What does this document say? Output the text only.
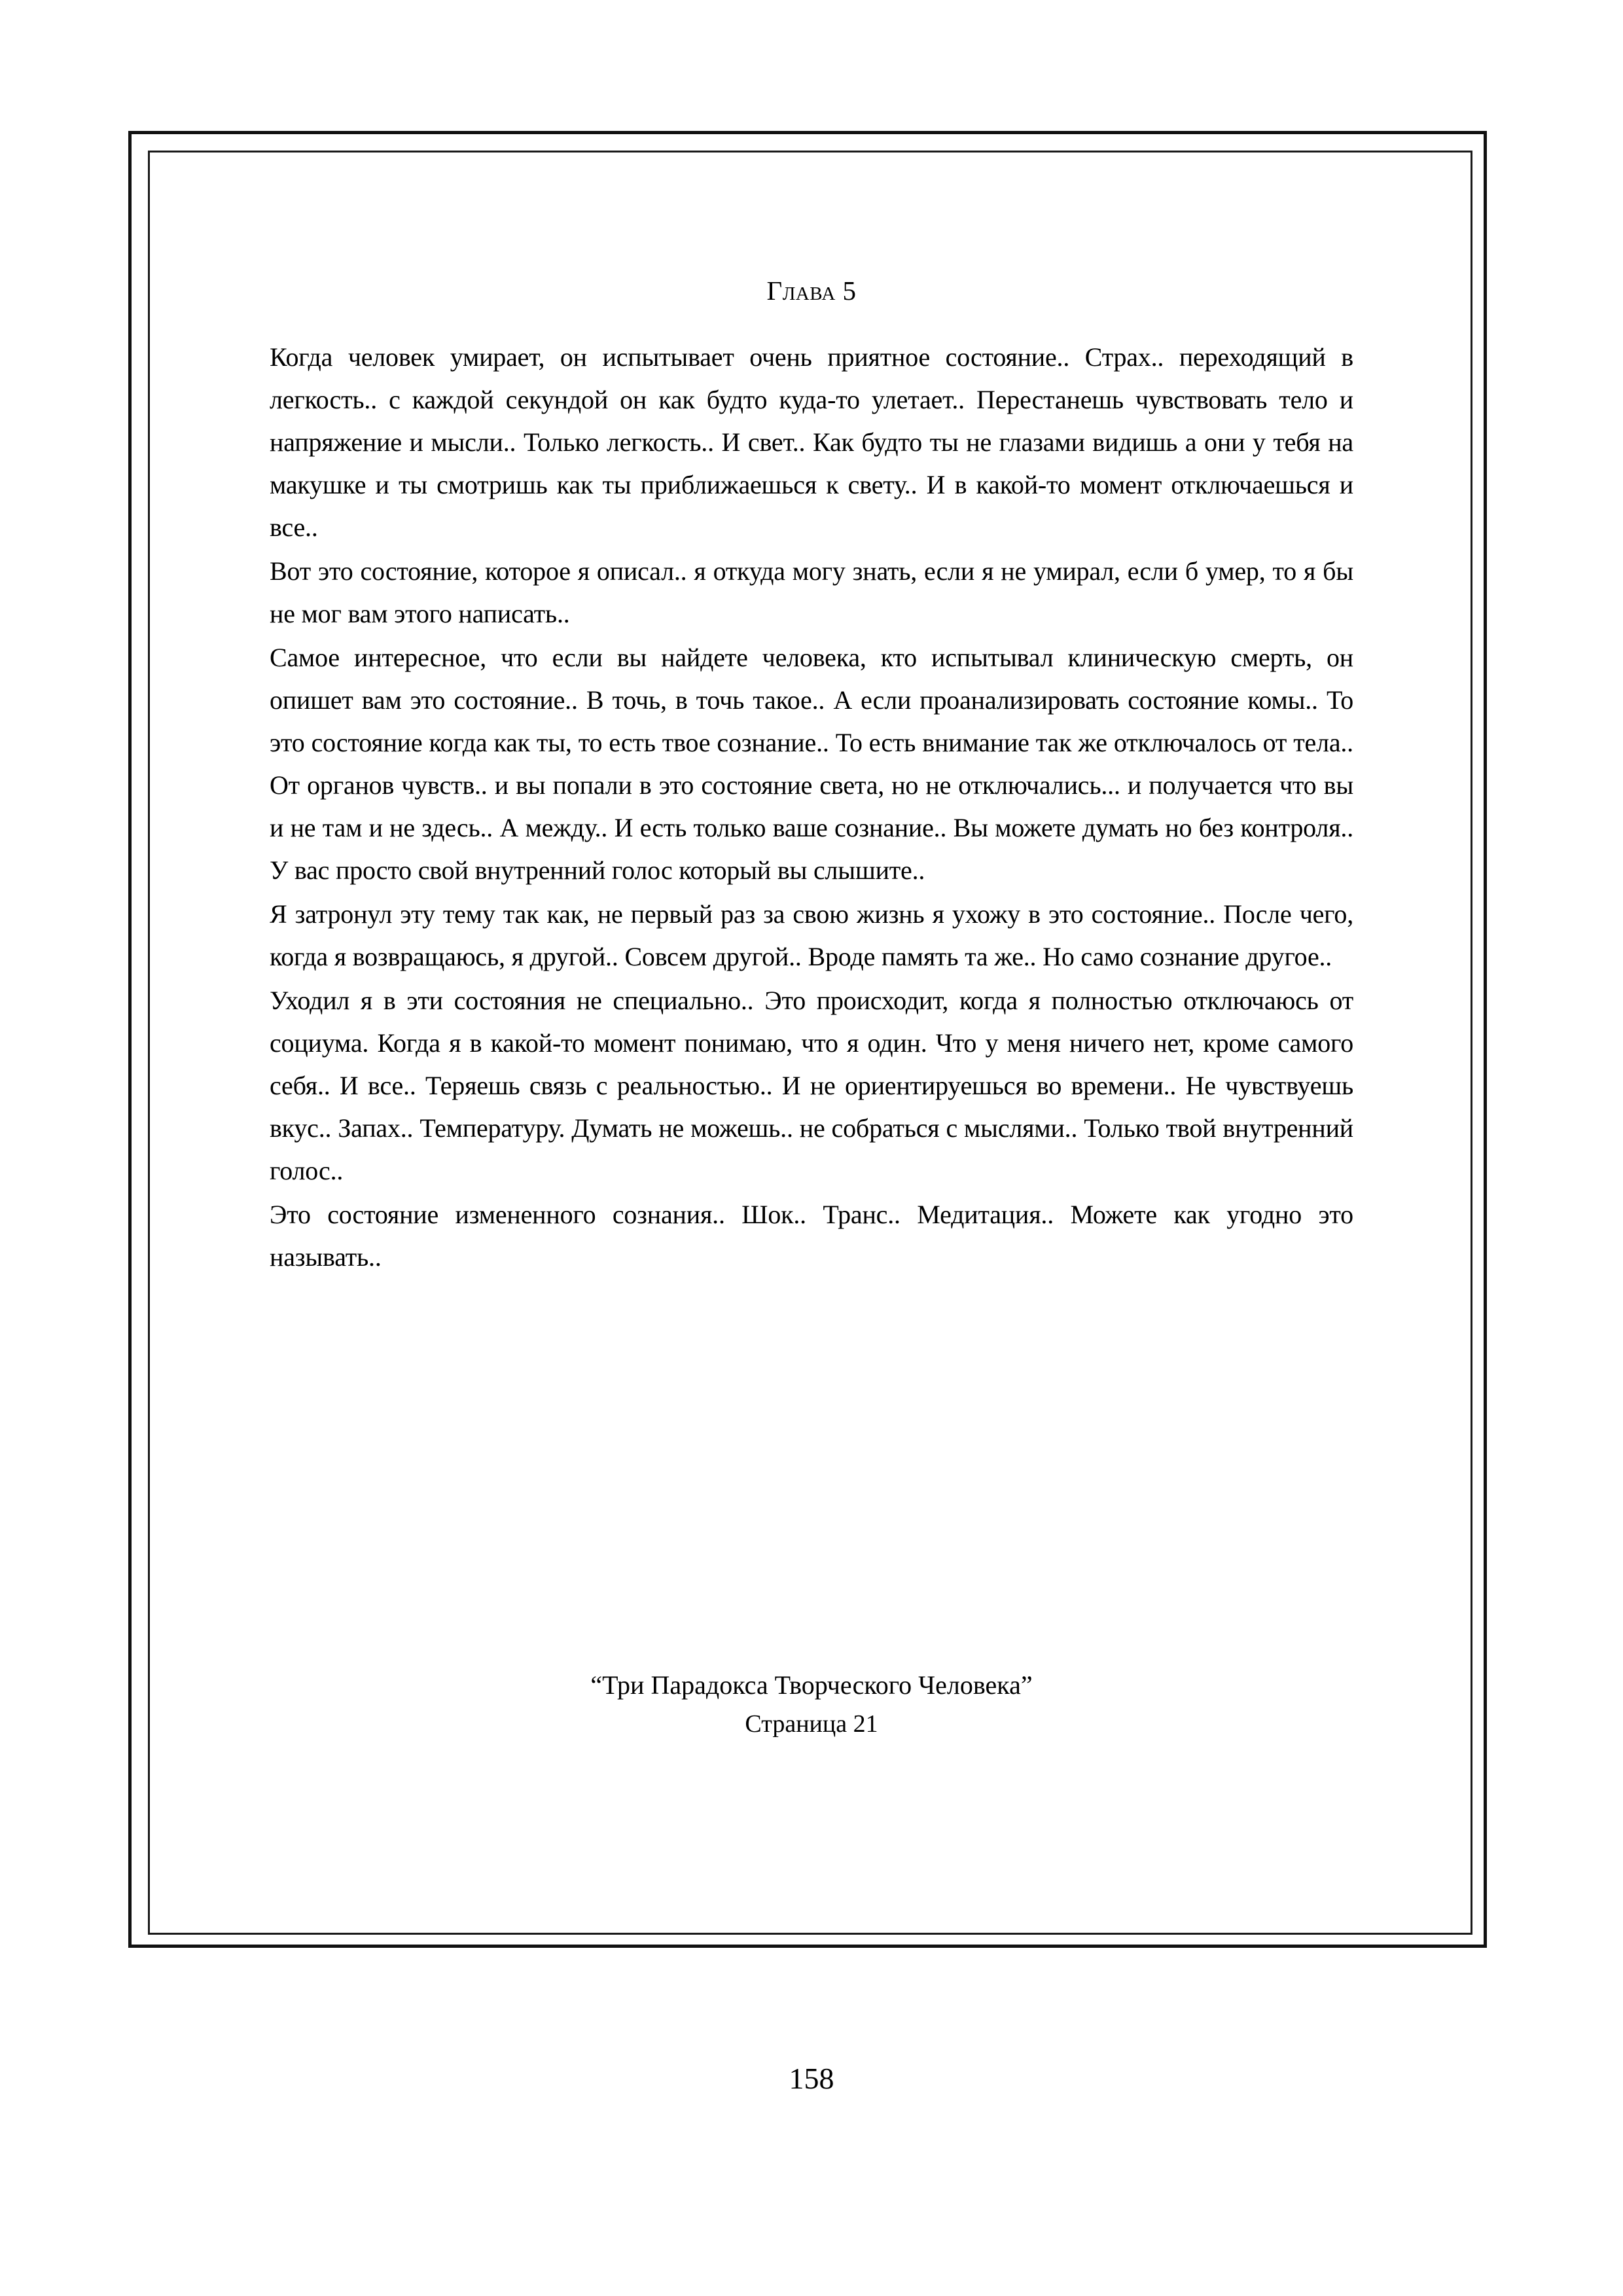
Глава 5

Когда человек умирает, он испытывает очень приятное состояние.. Страх.. переходящий в легкость.. с каждой секундой он как будто куда-то улетает.. Перестанешь чувствовать тело и напряжение и мысли.. Только легкость.. И свет.. Как будто ты не глазами видишь а они у тебя на макушке и ты смотришь как ты приближаешься к свету.. И в какой-то момент отключаешься и все..

Вот это состояние, которое я описал.. я откуда могу знать, если я не умирал, если б умер, то я бы не мог вам этого написать..

Самое интересное, что если вы найдете человека, кто испытывал клиническую смерть, он опишет вам это состояние.. В точь, в точь такое.. А если проанализировать состояние комы.. То это состояние когда как ты, то есть твое сознание.. То есть внимание так же отключалось от тела.. От органов чувств.. и вы попали в это состояние света, но не отключались... и получается что вы и не там и не здесь.. А между.. И есть только ваше сознание.. Вы можете думать но без контроля.. У вас просто свой внутренний голос который вы слышите..

Я затронул эту тему так как, не первый раз за свою жизнь я ухожу в это состояние.. После чего, когда я возвращаюсь, я другой.. Совсем другой.. Вроде память та же.. Но само сознание другое..

Уходил я в эти состояния не специально.. Это происходит, когда я полностью отключаюсь от социума. Когда я в какой-то момент понимаю, что я один. Что у меня ничего нет, кроме самого себя.. И все.. Теряешь связь с реальностью.. И не ориентируешься во времени.. Не чувствуешь вкус.. Запах.. Температуру. Думать не можешь.. не собраться с мыслями.. Только твой внутренний голос..

Это состояние измененного сознания.. Шок.. Транс.. Медитация.. Можете как угодно это называть..

“Три Парадокса Творческого Человека”
Страница 21
158
